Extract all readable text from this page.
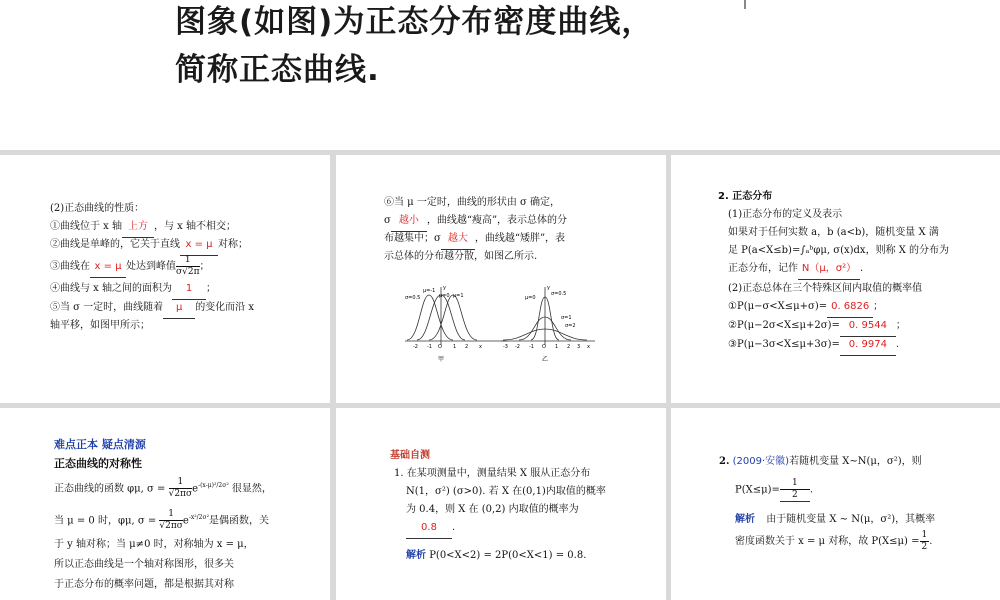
图象(如图)为正态分布密度曲线，
简称正态曲线.
(2)正态曲线的性质：
①曲线位于 x 轴 上方 ，与 x 轴不相交；
②曲线是单峰的，它关于直线 x = μ 对称；
③曲线在 x = μ 处达到峰值 $\frac{1}{\sigma√2\pi}$ ；
④曲线与 x 轴之间的面积为 1 ；
⑤当 σ 一定时，曲线随着 μ 的变化而沿 x
轴平移，如图甲所示；
⑥当 μ 一定时，曲线的形状由 σ 确定，
σ 越小 ，曲线越“瘦高”，表示总体的分
布越集中；σ 越大 ，曲线越“矮胖”，表
示总体的分布越分散，如图乙所示.
σ=0.5
μ=-1
μ=0 μ=1
y
-2 -1 O 1 2 x
甲
μ=0
σ=0.5
σ=1
σ=2
y
-3 -2 -1 O 1 2 3 x
乙
2. 正态分布
(1)正态分布的定义及表示
如果对于任何实数 a，b (a<b)，随机变量 X 满
足 P(a<X≤b)=∫ₐᵇφμ, σ(x)dx，则称 X 的分布为
正态分布，记作 N（μ，σ²） .
(2)正态总体在三个特殊区间内取值的概率值
①P(μ−σ<X≤μ+σ)= 0. 6826 ；
②P(μ−2σ<X≤μ+2σ)= 0. 9544 ；
③P(μ−3σ<X≤μ+3σ)= 0. 9974 .
难点正本 疑点清源
正态曲线的对称性
正态曲线的函数 φμ, $\sigma = \frac{1}{√2\pi\sigma} e^{-(x-\mu)^2/2\sigma^2}$ 很显然，
当 μ = 0 时，φμ, $\sigma = \frac{1}{√2\pi\sigma} e^{-x^2/2\sigma^2}$是偶函数，关
于 y 轴对称；当 μ≠0 时，对称轴为 x = μ，
所以正态曲线是一个轴对称图形，很多关
于正态分布的概率问题，都是根据其对称
基础自测
1. 在某项测量中，测量结果 X 服从正态分布
N(1，σ²) (σ>0). 若 X 在(0,1)内取值的概率
为 0.4，则 X 在 (0,2) 内取值的概率为
0.8 .
解析 P(0<X<2) = 2P(0<X<1) = 0.8.
2. (2009·安徽)若随机变量 X∼N(μ，σ²)，则
$P(X\le\mu)= \frac{1}{2}$ .
解析 由于随机变量 X ∼ N(μ，σ²)，其概率
密度函数关于 x = μ 对称，故 $P(X\le\mu) = \frac{1}{2}$ .
